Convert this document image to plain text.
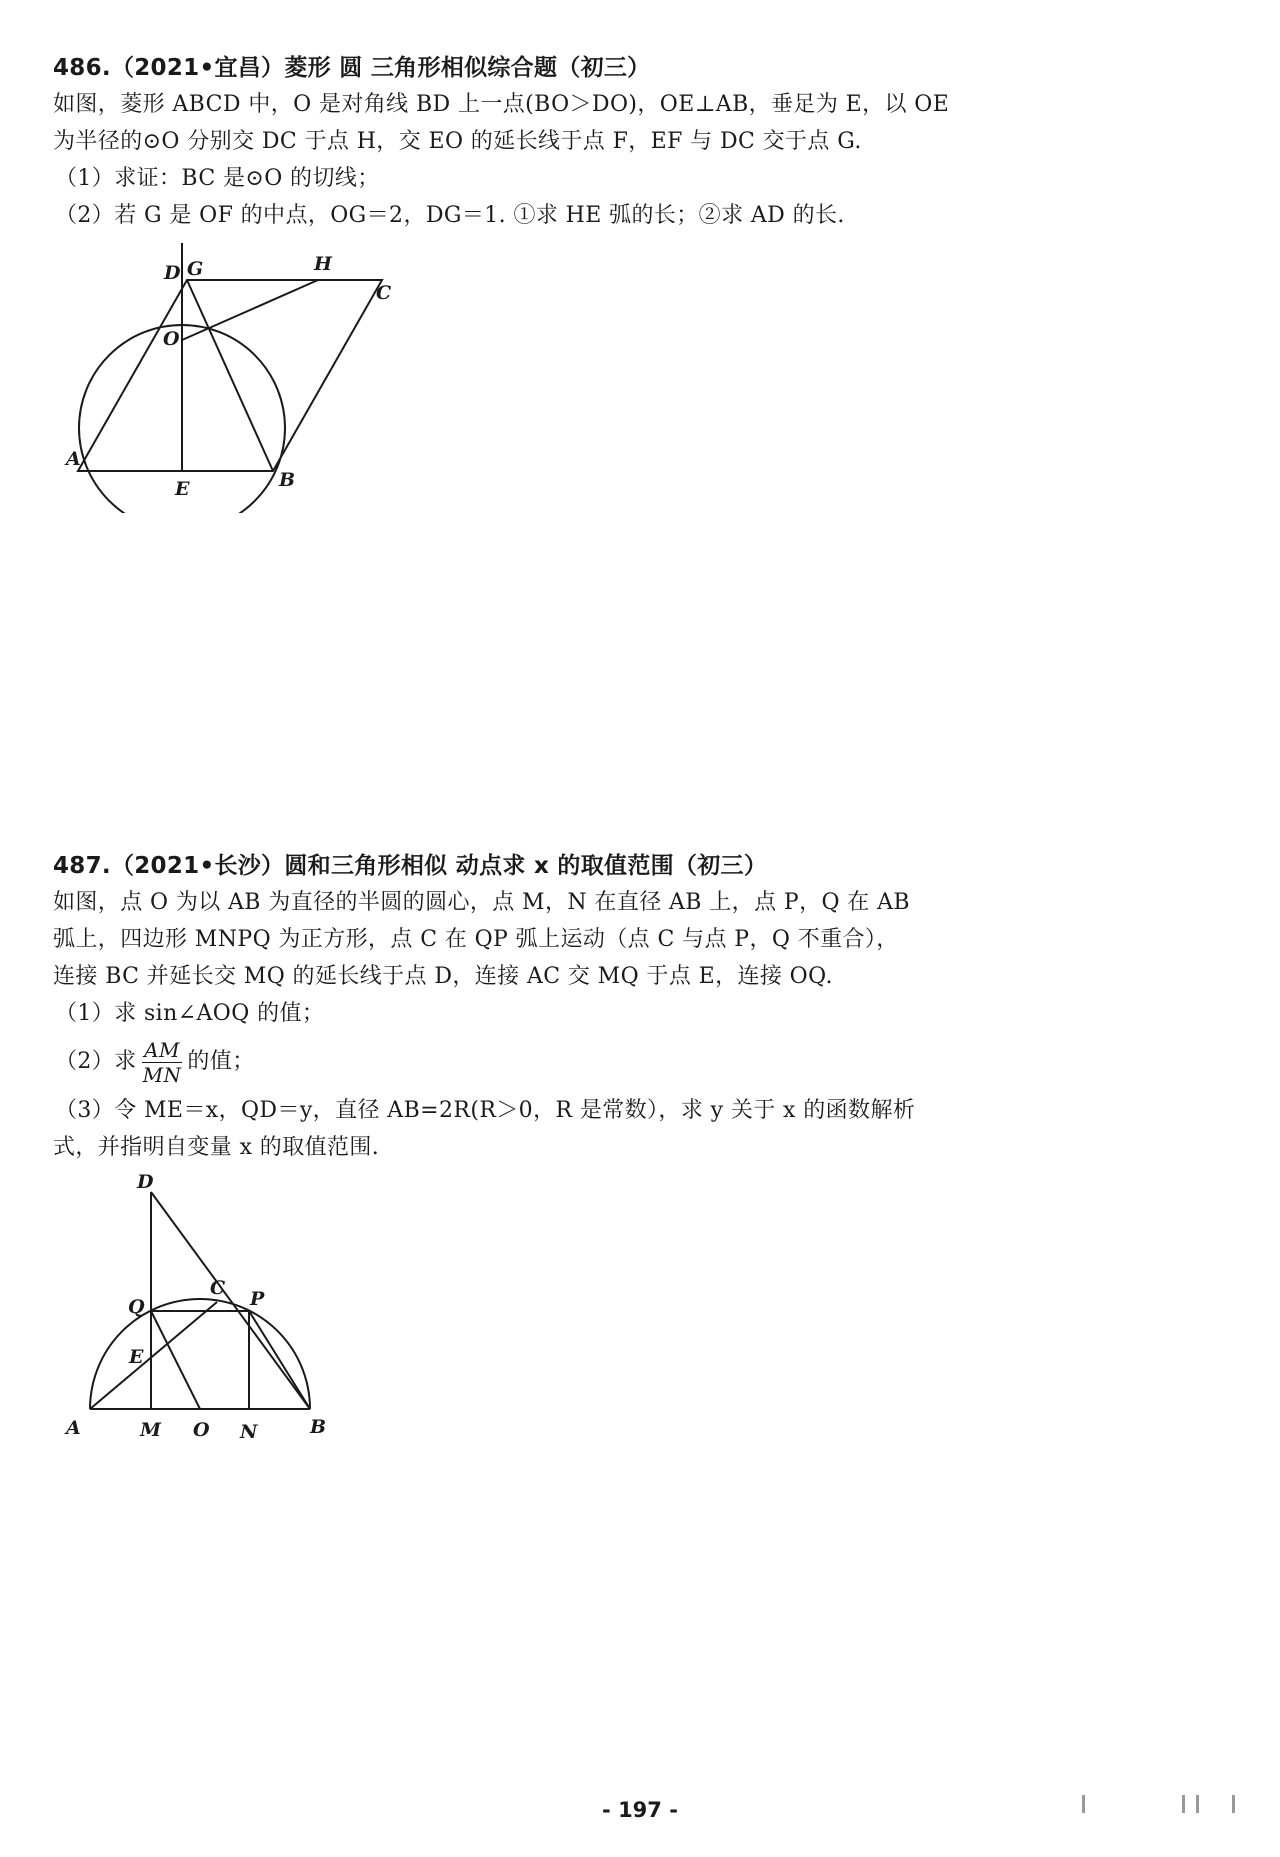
486.（2021•宜昌）菱形 圆 三角形相似综合题（初三）

如图，菱形 ABCD 中，O 是对角线 BD 上一点(BO＞DO)，OE⊥AB，垂足为 E，以 OE

为半径的⊙O 分别交 DC 于点 H，交 EO 的延长线于点 F，EF 与 DC 交于点 G.

（1）求证：BC 是⊙O 的切线；

（2）若 G 是 OF 的中点，OG＝2，DG＝1. ①求 HE 弧的长；②求 AD 的长.

D G	H
C
O
A
E	B

487.（2021•长沙）圆和三角形相似 动点求 x 的取值范围（初三）

如图，点 O 为以 AB 为直径的半圆的圆心，点 M，N 在直径 AB 上，点 P，Q 在 AB

弧上，四边形 MNPQ 为正方形，点 C 在 QP 弧上运动（点 C 与点 P，Q 不重合），

连接 BC 并延长交 MQ 的延长线于点 D，连接 AC 交 MQ 于点 E，连接 OQ.

（1）求 sin∠AOQ 的值；

（2）求 $\frac{AM}{MN}$ 的值；

（3）令 ME＝x，QD＝y，直径 AB=2R(R＞0，R 是常数），求 y 关于 x 的函数解析

式，并指明自变量 x 的取值范围.

D
C P
Q
E
A	M O N	B
- 197 -
